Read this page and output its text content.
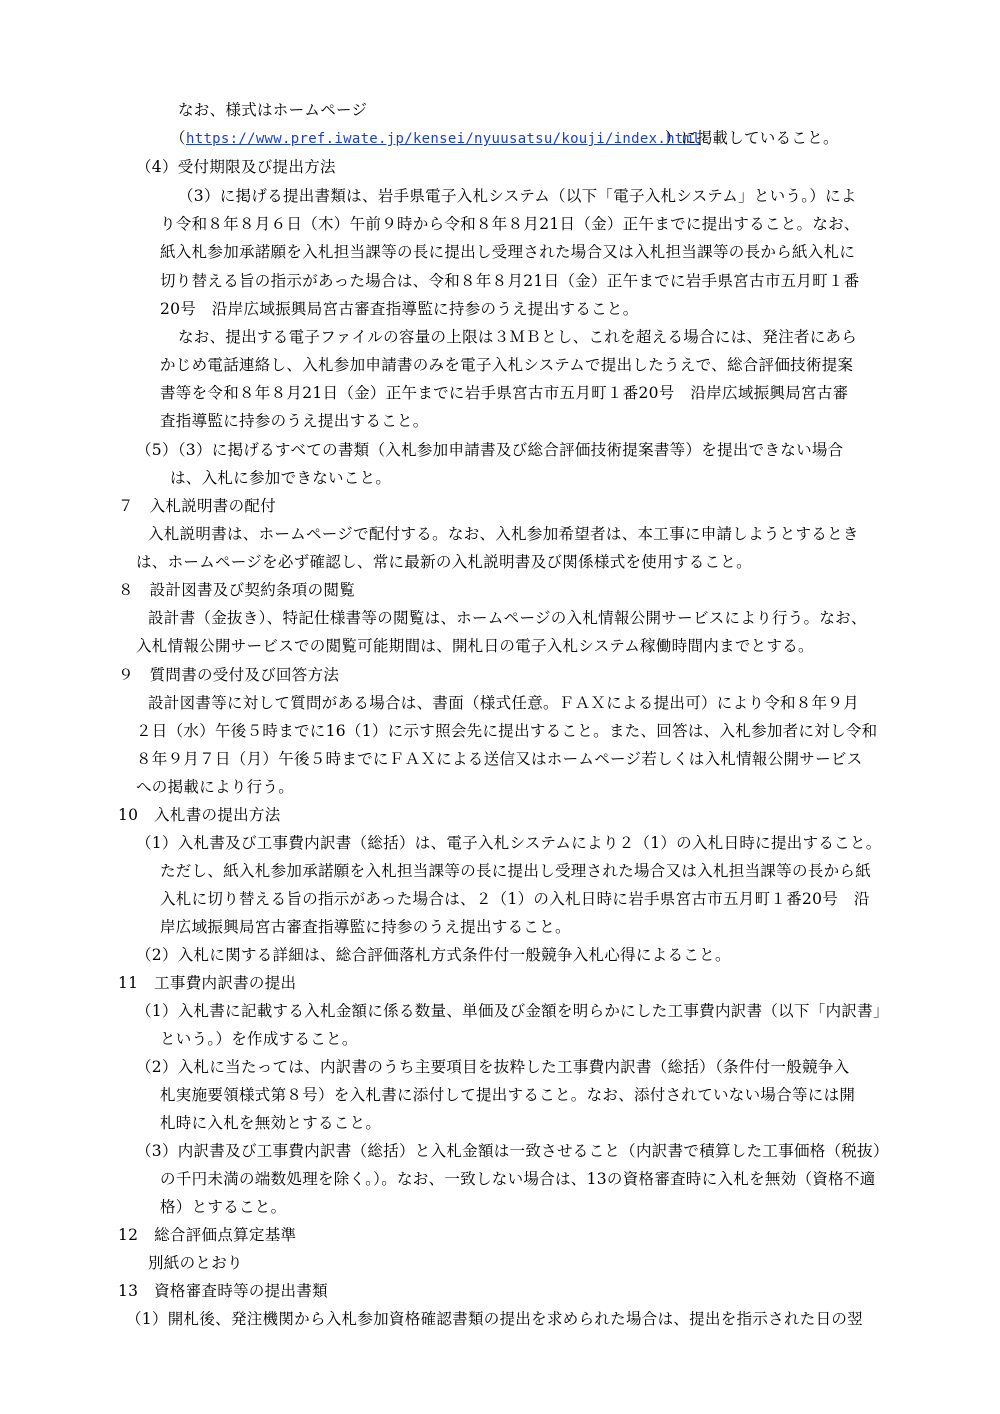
なお、様式はホームページ
（ https://www.pref.iwate.jp/kensei/nyuusatsu/kouji/index.html
）に掲載していること。
（4）受付期限及び提出方法
（3）に掲げる提出書類は、岩手県電子入札システム（以下「電子入札システム」という。）によ
り令和８年８月６日（木）午前９時から令和８年８月21日（金）正午までに提出すること。なお、
紙入札参加承諾願を入札担当課等の長に提出し受理された場合又は入札担当課等の長から紙入札に
切り替える旨の指示があった場合は、令和８年８月21日（金）正午までに岩手県宮古市五月町１番
20号　沿岸広域振興局宮古審査指導監に持参のうえ提出すること。
なお、提出する電子ファイルの容量の上限は３ＭＢとし、これを超える場合には、発注者にあら
かじめ電話連絡し、入札参加申請書のみを電子入札システムで提出したうえで、総合評価技術提案
書等を令和８年８月21日（金）正午までに岩手県宮古市五月町１番20号　沿岸広域振興局宮古審
査指導監に持参のうえ提出すること。
（5）（3）に掲げるすべての書類（入札参加申請書及び総合評価技術提案書等）を提出できない場合
は、入札に参加できないこと。
７　入札説明書の配付
入札説明書は、ホームページで配付する。なお、入札参加希望者は、本工事に申請しようとするとき
は、ホームページを必ず確認し、常に最新の入札説明書及び関係様式を使用すること。
８　設計図書及び契約条項の閲覧
設計書（金抜き）、特記仕様書等の閲覧は、ホームページの入札情報公開サービスにより行う。なお、
入札情報公開サービスでの閲覧可能期間は、開札日の電子入札システム稼働時間内までとする。
９　質問書の受付及び回答方法
設計図書等に対して質問がある場合は、書面（様式任意。ＦＡＸによる提出可）により令和８年９月
２日（水）午後５時までに16（1）に示す照会先に提出すること。また、回答は、入札参加者に対し令和
８年９月７日（月）午後５時までにＦＡＸによる送信又はホームページ若しくは入札情報公開サービス
への掲載により行う。
10　入札書の提出方法
（1）入札書及び工事費内訳書（総括）は、電子入札システムにより２（1）の入札日時に提出すること。
ただし、紙入札参加承諾願を入札担当課等の長に提出し受理された場合又は入札担当課等の長から紙
入札に切り替える旨の指示があった場合は、２（1）の入札日時に岩手県宮古市五月町１番20号　沿
岸広域振興局宮古審査指導監に持参のうえ提出すること。
（2）入札に関する詳細は、総合評価落札方式条件付一般競争入札心得によること。
11　工事費内訳書の提出
（1）入札書に記載する入札金額に係る数量、単価及び金額を明らかにした工事費内訳書（以下「内訳書」
という。）を作成すること。
（2）入札に当たっては、内訳書のうち主要項目を抜粋した工事費内訳書（総括）（条件付一般競争入
札実施要領様式第８号）を入札書に添付して提出すること。なお、添付されていない場合等には開
札時に入札を無効とすること。
（3）内訳書及び工事費内訳書（総括）と入札金額は一致させること（内訳書で積算した工事価格（税抜）
の千円未満の端数処理を除く。）。なお、一致しない場合は、13の資格審査時に入札を無効（資格不適
格）とすること。
12　総合評価点算定基準
別紙のとおり
13　資格審査時等の提出書類
（1）開札後、発注機関から入札参加資格確認書類の提出を求められた場合は、提出を指示された日の翌
